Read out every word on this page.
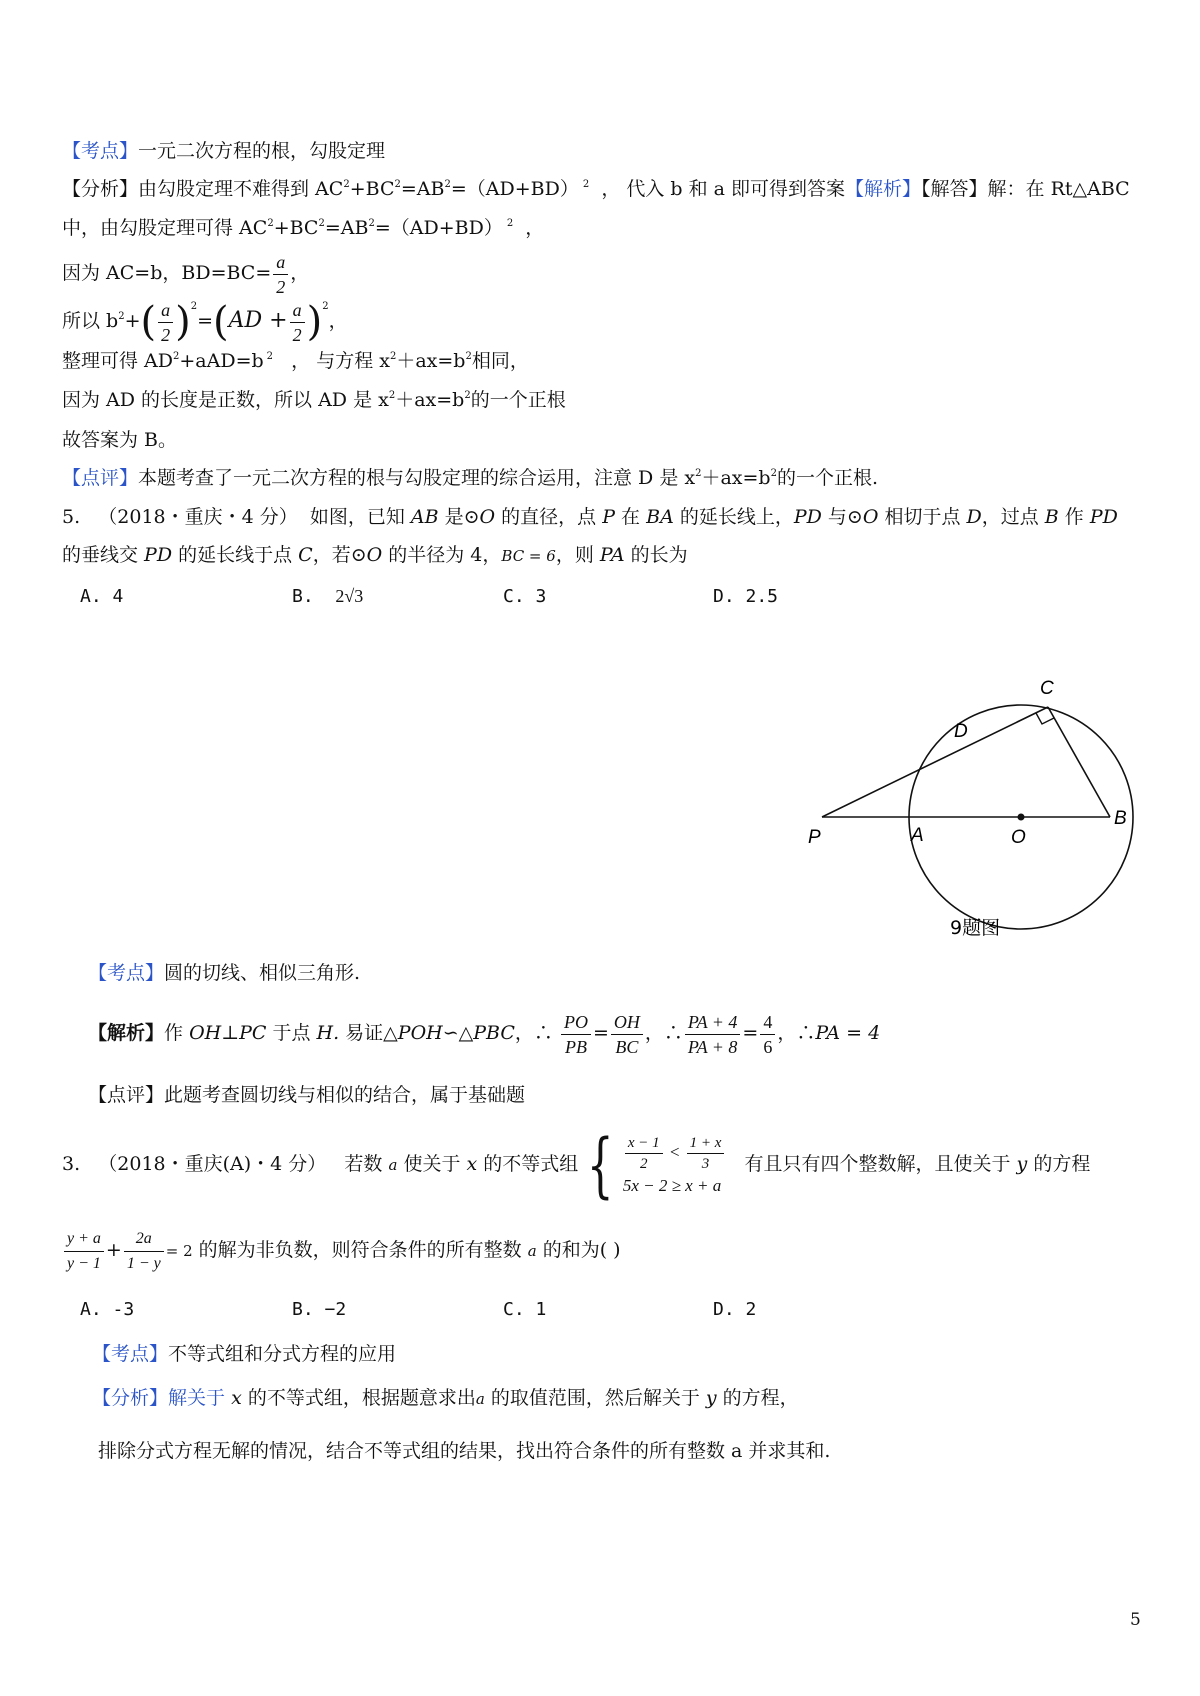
【考点】一元二次方程的根，勾股定理
【分析】由勾股定理不难得到 $AC^2+BC^2=AB^2=(AD+BD)$ $^2$ ， 代入 b 和 a 即可得到答案【解析】【解答】解：在 Rt△ABC
中，由勾股定理可得 $AC^2+BC^2=AB^2=(AD+BD)$ $^2$ ，
因为 AC=b，$BD=BC= \frac{a}{2}$ ，
所以 $b^2+( \frac{a}{2} )^2=(AD + \frac{a}{2} )^2$，
整理可得 $AD^2+aAD=b$ $^2$ ， 与方程 $x^2+ax=b^2$相同，
因为 AD 的长度是正数，所以 AD 是 $x^2+ax=b^2$的一个正根
故答案为 B。
【点评】本题考查了一元二次方程的根与勾股定理的综合运用，注意 D 是 $x^2+ax=b^2$的一个正根.
5. （2018・重庆・4 分） 如图，已知 AB 是⊙O 的直径，点 P 在 BA 的延长线上，PD 与⊙O 相切于点 D，过点 B 作 PD
的垂线交 PD 的延长线于点 C，若⊙O 的半径为 4，BC = 6，则 PA 的长为
A. 4	B. 2√3	C. 3	D. 2.5
C
D
P	A	O
B
9题图
【考点】圆的切线、相似三角形.
【解析】作 OH⊥PC 于点 H. 易证△POH∽△PBC，∴ $\frac{PO}{PB} = \frac{OH}{BC}$ ，∴ $\frac{PA + 4}{PA + 8} = \frac{4}{6}$ ，∴PA = 4
【点评】此题考查圆切线与相似的结合，属于基础题
3. （2018・重庆(A)・4 分） 若数 a 使关于 x 的不等式组 { $\frac{x - 1}{2} < \frac{1 + x}{3}$
5x − 2 ≥ x + a
有且只有四个整数解，且使关于 y 的方程
$\frac{y + a}{y - 1} + \frac{2a}{1 - y} = 2$ 的解为非负数，则符合条件的所有整数 a 的和为( )
A. -3	B. −2	C. 1	D. 2
【考点】不等式组和分式方程的应用
【分析】解关于 x 的不等式组，根据题意求出a 的取值范围，然后解关于 y 的方程，
排除分式方程无解的情况，结合不等式组的结果，找出符合条件的所有整数 a 并求其和.
5
